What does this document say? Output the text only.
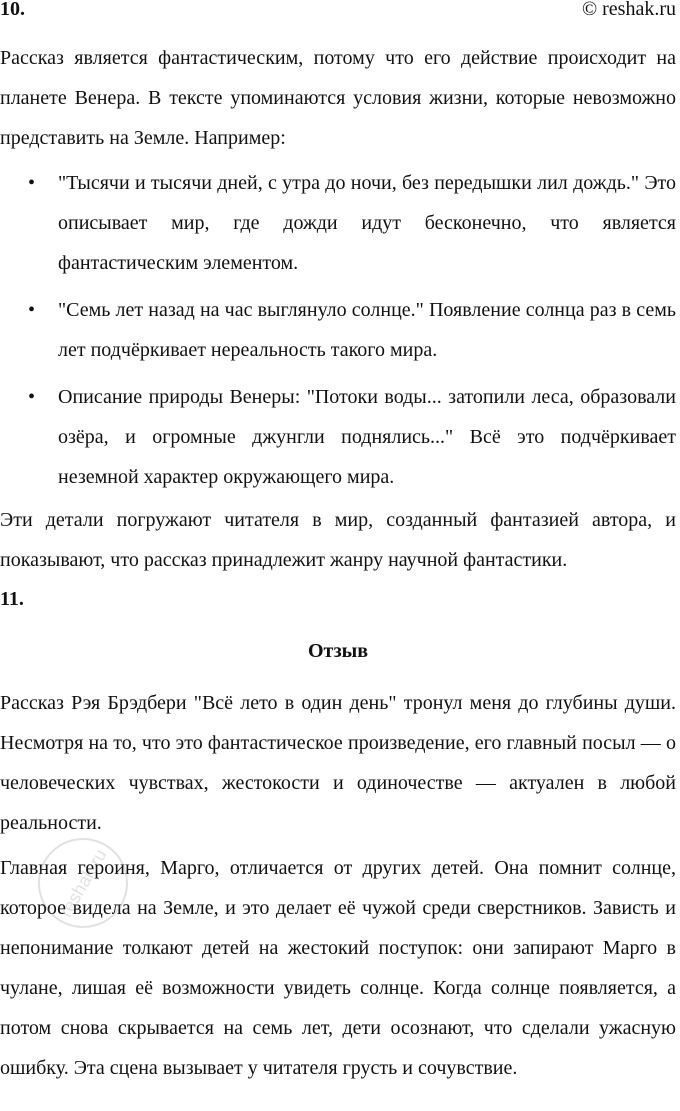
10.	© reshak.ru

Рассказ является фантастическим, потому что его действие происходит на планете Венера. В тексте упоминаются условия жизни, которые невозможно представить на Земле. Например:

• "Тысячи и тысячи дней, с утра до ночи, без передышки лил дождь." Это описывает мир, где дожди идут бесконечно, что является фантастическим элементом.
• "Семь лет назад на час выглянуло солнце." Появление солнца раз в семь лет подчёркивает нереальность такого мира.
• Описание природы Венеры: "Потоки воды... затопили леса, образовали озёра, и огромные джунгли поднялись..." Всё это подчёркивает неземной характер окружающего мира.

Эти детали погружают читателя в мир, созданный фантазией автора, и показывают, что рассказ принадлежит жанру научной фантастики.

11.
Отзыв

Рассказ Рэя Брэдбери "Всё лето в один день" тронул меня до глубины души. Несмотря на то, что это фантастическое произведение, его главный посыл — о человеческих чувствах, жестокости и одиночестве — актуален в любой реальности.

Главная героиня, Марго, отличается от других детей. Она помнит солнце, которое видела на Земле, и это делает её чужой среди сверстников. Зависть и непонимание толкают детей на жестокий поступок: они запирают Марго в чулане, лишая её возможности увидеть солнце. Когда солнце появляется, а потом снова скрывается на семь лет, дети осознают, что сделали ужасную ошибку. Эта сцена вызывает у читателя грусть и сочувствие.

reshak.ru
